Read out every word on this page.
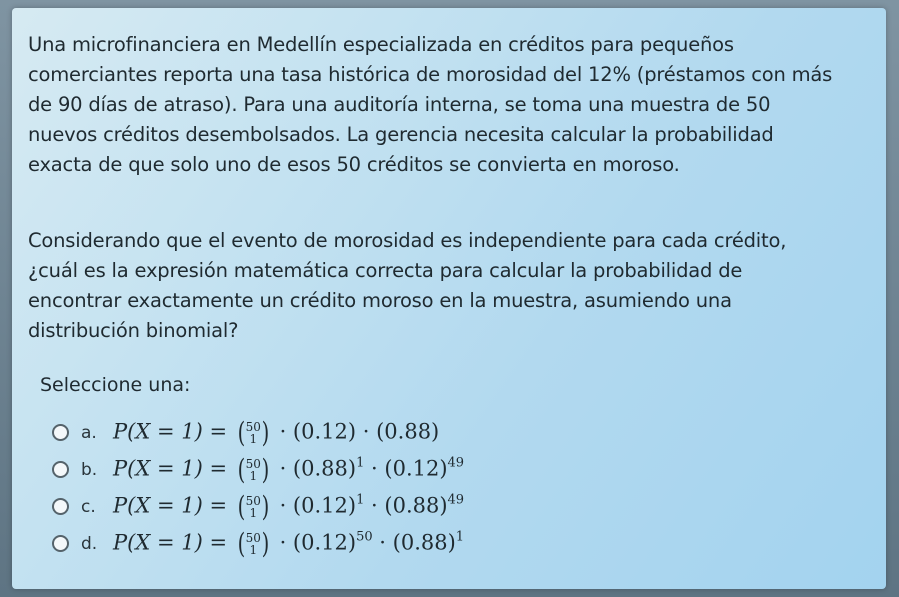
Una microfinanciera en Medellín especializada en créditos para pequeños
comerciantes reporta una tasa histórica de morosidad del 12% (préstamos con más
de 90 días de atraso). Para una auditoría interna, se toma una muestra de 50
nuevos créditos desembolsados. La gerencia necesita calcular la probabilidad
exacta de que solo uno de esos 50 créditos se convierta en moroso.
Considerando que el evento de morosidad es independiente para cada crédito,
¿cuál es la expresión matemática correcta para calcular la probabilidad de
encontrar exactamente un crédito moroso en la muestra, asumiendo una
distribución binomial?
Seleccione una:
a. P(X = 1) = ( 50
1 ) · (0.12) · (0.88)
b. P(X = 1) = ( 50
1 ) · $(0.88)^1 \cdot (0.12)^{49}$
c. P(X = 1) = ( 50
1 ) · $(0.12)^1 \cdot (0.88)^{49}$
d. P(X = 1) = ( 50
1 ) · $(0.12)^{50} \cdot (0.88)^1$
